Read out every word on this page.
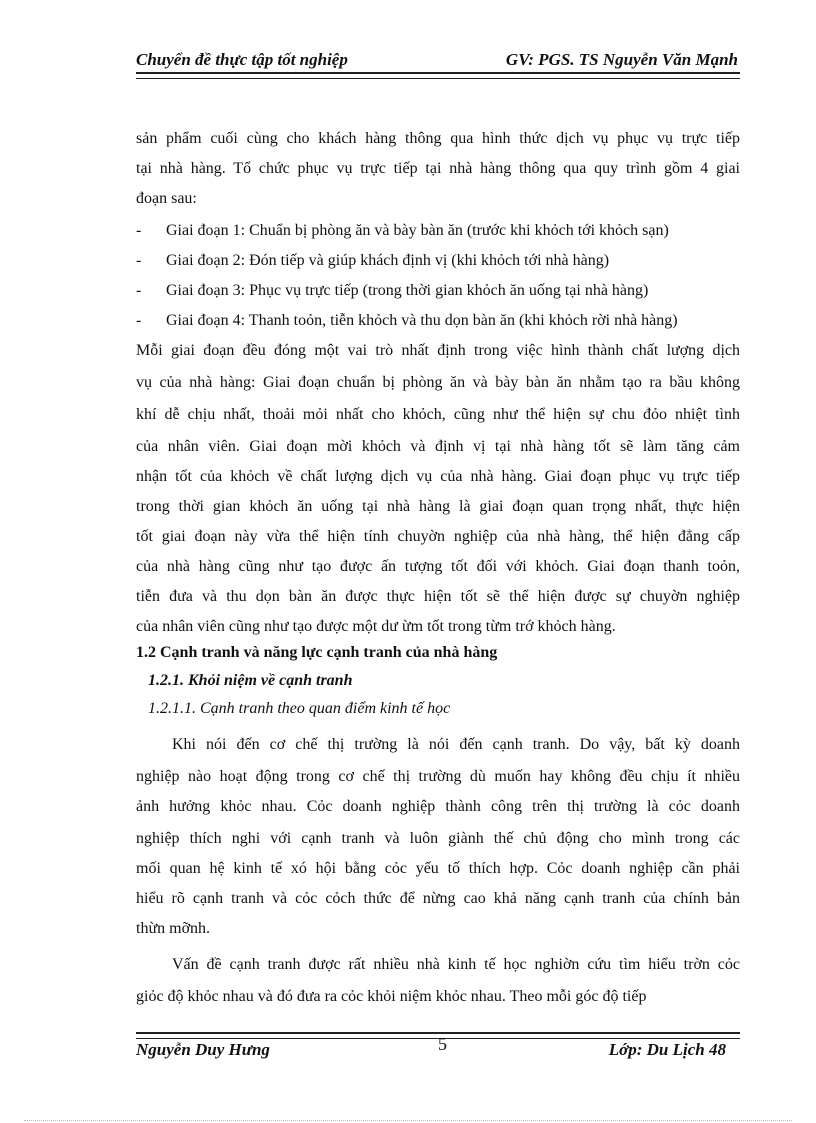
Chuyển đề thực tập tốt nghiệp	GV: PGS. TS Nguyễn Văn Mạnh
sản phẩm cuối cùng cho khách hàng thông qua hình thức dịch vụ phục vụ trực tiếp
tại nhà hàng. Tổ chức phục vụ trực tiếp tại nhà hàng thông qua quy trình gồm 4 giai
đoạn sau:
- Giai đoạn 1: Chuẩn bị phòng ăn và bày bàn ăn (trước khi khỏch tới khỏch sạn)
- Giai đoạn 2: Đón tiếp và giúp khách định vị (khi khỏch tới nhà hàng)
- Giai đoạn 3: Phục vụ trực tiếp (trong thời gian khỏch ăn uống tại nhà hàng)
- Giai đoạn 4: Thanh toỏn, tiễn khỏch và thu dọn bàn ăn (khi khỏch rời nhà hàng)
Mỗi giai đoạn đều đóng một vai trò nhất định trong việc hình thành chất lượng dịch
vụ của nhà hàng: Giai đoạn chuẩn bị phòng ăn và bày bàn ăn nhằm tạo ra bầu không
khí dễ chịu nhất, thoải mỏi nhất cho khỏch, cũng như thể hiện sự chu đỏo nhiệt tình
của nhân viên. Giai đoạn mời khỏch và định vị tại nhà hàng tốt sẽ làm tăng cảm
nhận tốt của khỏch về chất lượng dịch vụ của nhà hàng. Giai đoạn phục vụ trực tiếp
trong thời gian khỏch ăn uống tại nhà hàng là giai đoạn quan trọng nhất, thực hiện
tốt giai đoạn này vừa thể hiện tính chuyờn nghiệp của nhà hàng, thể hiện đẳng cấp
của nhà hàng cũng như tạo được ấn tượng tốt đối với khỏch. Giai đoạn thanh toỏn,
tiễn đưa và thu dọn bàn ăn được thực hiện tốt sẽ thể hiện được sự chuyờn nghiệp
của nhân viên cũng như tạo được một dư ừm tốt trong từm trớ khỏch hàng.
1.2 Cạnh tranh và năng lực cạnh tranh của nhà hàng
1.2.1. Khỏi niệm về cạnh tranh
1.2.1.1. Cạnh tranh theo quan điểm kinh tế học
Khi nói đến cơ chế thị trường là nói đến cạnh tranh. Do vậy, bất kỳ doanh
nghiệp nào hoạt động trong cơ chế thị trường dù muốn hay không đều chịu ít nhiều
ảnh hưởng khỏc nhau. Cỏc doanh nghiệp thành công trên thị trường là cỏc doanh
nghiệp thích nghi với cạnh tranh và luôn giành thế chủ động cho mình trong các
mối quan hệ kinh tế xó hội bằng cỏc yếu tố thích hợp. Cỏc doanh nghiệp cần phải
hiểu rõ cạnh tranh và cỏc cỏch thức để nừng cao khả năng cạnh tranh của chính bản
thừn mỡnh.
Vấn đề cạnh tranh được rất nhiều nhà kinh tế học nghiờn cứu tìm hiểu trờn cỏc
giỏc độ khỏc nhau và đó đưa ra cỏc khỏi niệm khỏc nhau. Theo mỗi góc độ tiếp
Nguyễn Duy Hưng	5	Lớp: Du Lịch 48
